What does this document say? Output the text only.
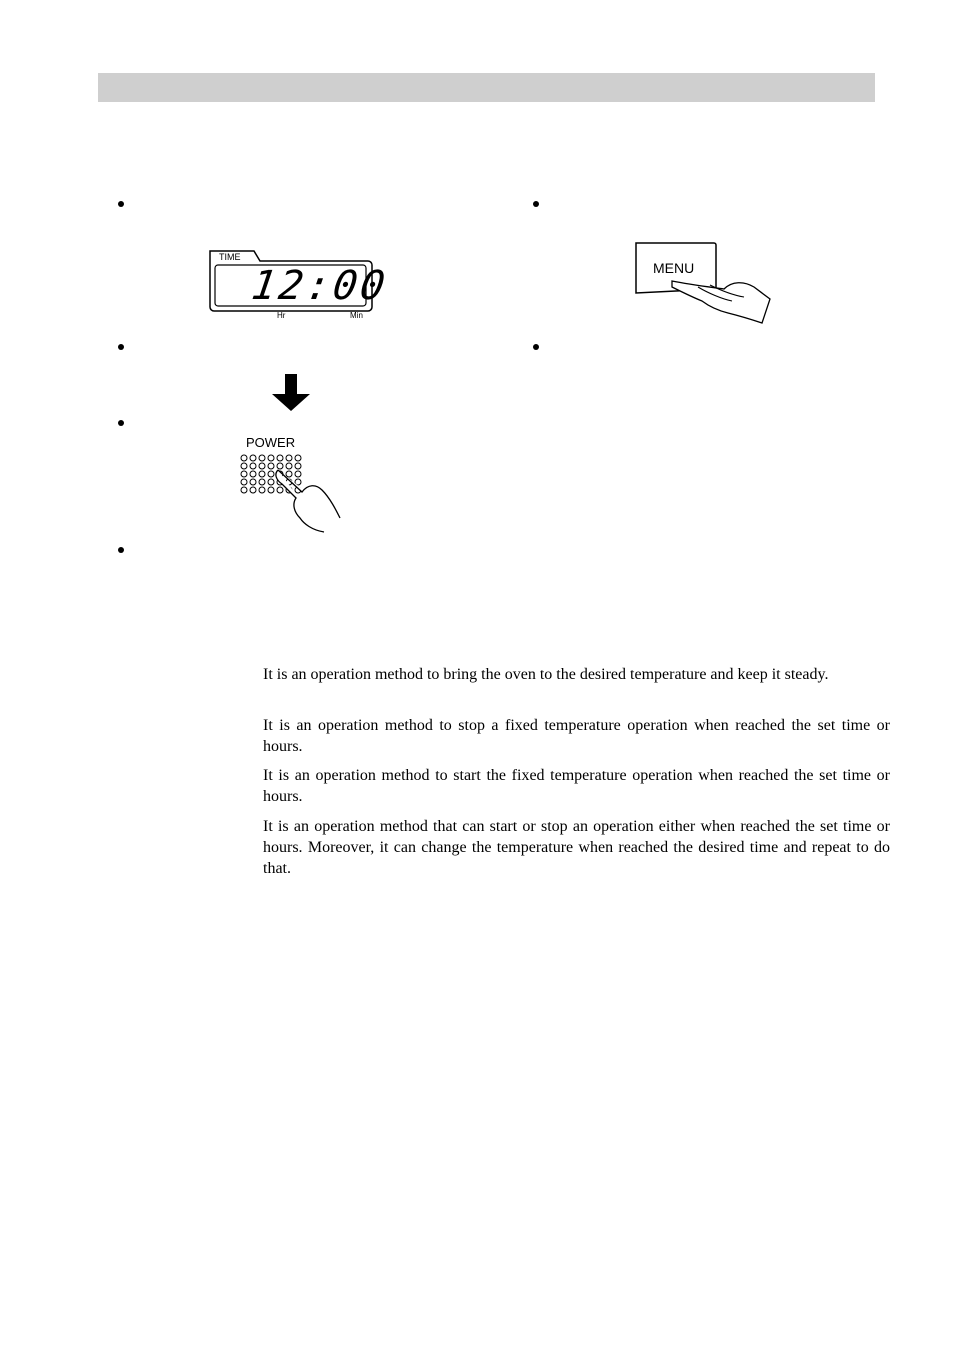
TIME
12:00
Hr	Min
POWER
MENU

It is an operation method to bring the oven to the desired temperature and keep it steady.

It is an operation method to stop a fixed temperature operation when reached the set time or hours.

It is an operation method to start the fixed temperature operation when reached the set time or hours.

It is an operation method that can start or stop an operation either when reached the set time or hours. Moreover, it can change the temperature when reached the desired time and repeat to do that.
